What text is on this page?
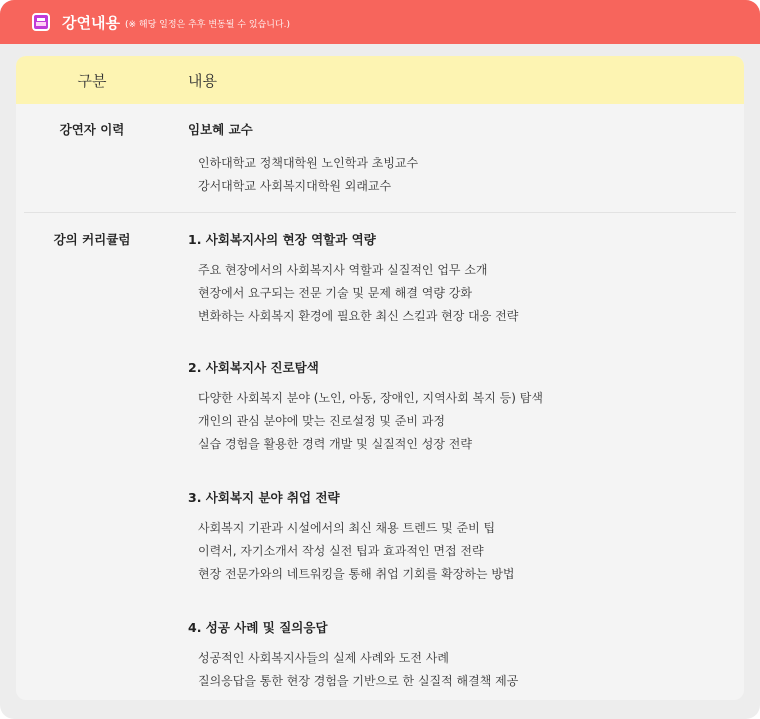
강연내용 (※ 해당 일정은 추후 변동될 수 있습니다.)
구분	내용
강연자 이력	임보혜 교수
인하대학교 정책대학원 노인학과 초빙교수
강서대학교 사회복지대학원 외래교수
강의 커리큘럼	1. 사회복지사의 현장 역할과 역량
주요 현장에서의 사회복지사 역할과 실질적인 업무 소개
현장에서 요구되는 전문 기술 및 문제 해결 역량 강화
변화하는 사회복지 환경에 필요한 최신 스킬과 현장 대응 전략
2. 사회복지사 진로탐색
다양한 사회복지 분야 (노인, 아동, 장애인, 지역사회 복지 등) 탐색
개인의 관심 분야에 맞는 진로설정 및 준비 과정
실습 경험을 활용한 경력 개발 및 실질적인 성장 전략
3. 사회복지 분야 취업 전략
사회복지 기관과 시설에서의 최신 채용 트렌드 및 준비 팁
이력서, 자기소개서 작성 실전 팁과 효과적인 면접 전략
현장 전문가와의 네트워킹을 통해 취업 기회를 확장하는 방법
4. 성공 사례 및 질의응답
성공적인 사회복지사들의 실제 사례와 도전 사례
질의응답을 통한 현장 경험을 기반으로 한 실질적 해결책 제공
